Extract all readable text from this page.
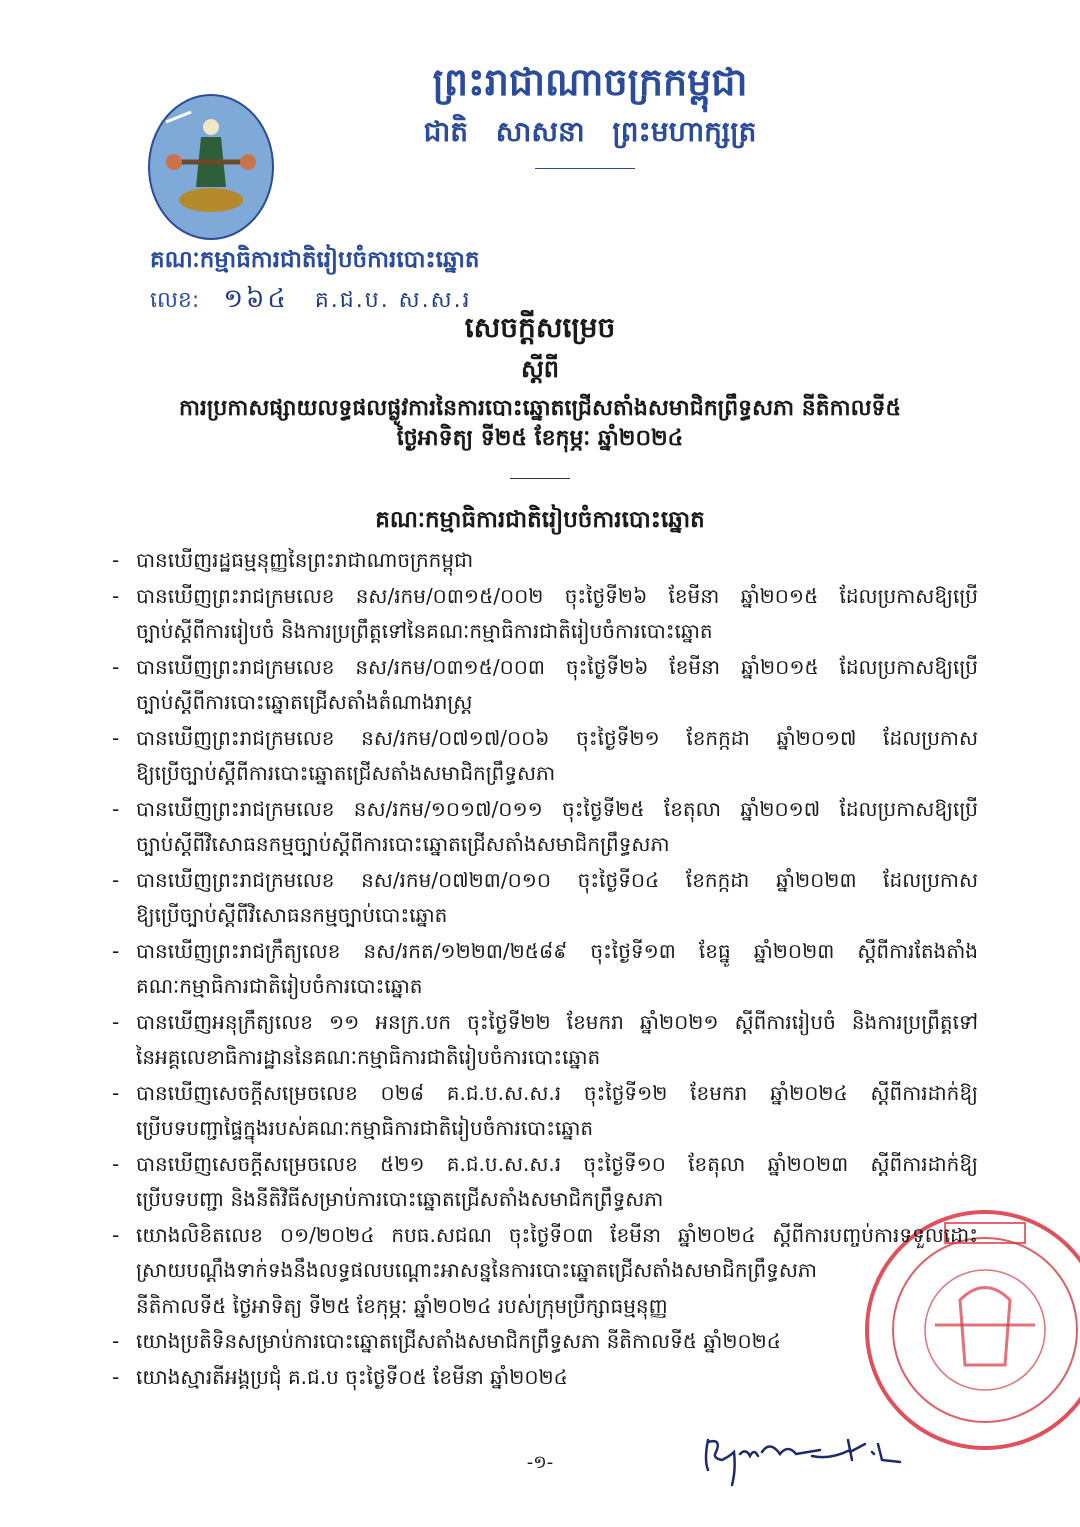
ព្រះរាជាណាចក្រកម្ពុជា
ជាតិ សាសនា ព្រះមហាក្សត្រ
គណៈកម្មាធិការជាតិរៀបចំការបោះឆ្នោត
លេខ: ១៦៤ គ.ជ.ប. ស.ស.រ
សេចក្តីសម្រេច
ស្តីពី
ការប្រកាសផ្សាយលទ្ធផលផ្លូវការនៃការបោះឆ្នោតជ្រើសតាំងសមាជិកព្រឹទ្ធសភា នីតិកាលទី៥
ថ្ងៃអាទិត្យ ទី២៥ ខែកុម្ភៈ ឆ្នាំ២០២៤
គណៈកម្មាធិការជាតិរៀបចំការបោះឆ្នោត
- បានឃើញរដ្ឋធម្មនុញ្ញនៃព្រះរាជាណាចក្រកម្ពុជា
- បានឃើញព្រះរាជក្រមលេខ នស/រកម/០៣១៥/០០២ ចុះថ្ងៃទី២៦ ខែមីនា ឆ្នាំ២០១៥ ដែលប្រកាសឱ្យប្រើ
ច្បាប់ស្តីពីការរៀបចំ និងការប្រព្រឹត្តទៅនៃគណៈកម្មាធិការជាតិរៀបចំការបោះឆ្នោត
- បានឃើញព្រះរាជក្រមលេខ នស/រកម/០៣១៥/០០៣ ចុះថ្ងៃទី២៦ ខែមីនា ឆ្នាំ២០១៥ ដែលប្រកាសឱ្យប្រើ
ច្បាប់ស្តីពីការបោះឆ្នោតជ្រើសតាំងតំណាងរាស្ត្រ
- បានឃើញព្រះរាជក្រមលេខ នស/រកម/០៧១៧/០០៦ ចុះថ្ងៃទី២១ ខែកក្កដា ឆ្នាំ២០១៧ ដែលប្រកាស
ឱ្យប្រើច្បាប់ស្តីពីការបោះឆ្នោតជ្រើសតាំងសមាជិកព្រឹទ្ធសភា
- បានឃើញព្រះរាជក្រមលេខ នស/រកម/១០១៧/០១១ ចុះថ្ងៃទី២៥ ខែតុលា ឆ្នាំ២០១៧ ដែលប្រកាសឱ្យប្រើ
ច្បាប់ស្តីពីវិសោធនកម្មច្បាប់ស្តីពីការបោះឆ្នោតជ្រើសតាំងសមាជិកព្រឹទ្ធសភា
- បានឃើញព្រះរាជក្រមលេខ នស/រកម/០៧២៣/០១០ ចុះថ្ងៃទី០៤ ខែកក្កដា ឆ្នាំ២០២៣ ដែលប្រកាស
ឱ្យប្រើច្បាប់ស្តីពីវិសោធនកម្មច្បាប់បោះឆ្នោត
- បានឃើញព្រះរាជក្រឹត្យលេខ នស/រកត/១២២៣/២៥៨៩ ចុះថ្ងៃទី១៣ ខែធ្នូ ឆ្នាំ២០២៣ ស្តីពីការតែងតាំង
គណៈកម្មាធិការជាតិរៀបចំការបោះឆ្នោត
- បានឃើញអនុក្រឹត្យលេខ ១១ អនក្រ.បក ចុះថ្ងៃទី២២ ខែមករា ឆ្នាំ២០២១ ស្តីពីការរៀបចំ និងការប្រព្រឹត្តទៅ
នៃអគ្គលេខាធិការដ្ឋាននៃគណៈកម្មាធិការជាតិរៀបចំការបោះឆ្នោត
- បានឃើញសេចក្តីសម្រេចលេខ ០២៨ គ.ជ.ប.ស.ស.រ ចុះថ្ងៃទី១២ ខែមករា ឆ្នាំ២០២៤ ស្តីពីការដាក់ឱ្យ
ប្រើបទបញ្ជាផ្ទៃក្នុងរបស់គណៈកម្មាធិការជាតិរៀបចំការបោះឆ្នោត
- បានឃើញសេចក្តីសម្រេចលេខ ៥២១ គ.ជ.ប.ស.ស.រ ចុះថ្ងៃទី១០ ខែតុលា ឆ្នាំ២០២៣ ស្តីពីការដាក់ឱ្យ
ប្រើបទបញ្ជា និងនីតិវិធីសម្រាប់ការបោះឆ្នោតជ្រើសតាំងសមាជិកព្រឹទ្ធសភា
- យោងលិខិតលេខ ០១/២០២៤ កបធ.សជណ ចុះថ្ងៃទី០៣ ខែមីនា ឆ្នាំ២០២៤ ស្តីពីការបញ្ចប់ការទទួលដោះ
ស្រាយបណ្តឹងទាក់ទងនឹងលទ្ធផលបណ្តោះអាសន្ននៃការបោះឆ្នោតជ្រើសតាំងសមាជិកព្រឹទ្ធសភា
នីតិកាលទី៥ ថ្ងៃអាទិត្យ ទី២៥ ខែកុម្ភៈ ឆ្នាំ២០២៤ របស់ក្រុមប្រឹក្សាធម្មនុញ្ញ
- យោងប្រតិទិនសម្រាប់ការបោះឆ្នោតជ្រើសតាំងសមាជិកព្រឹទ្ធសភា នីតិកាលទី៥ ឆ្នាំ២០២៤
- យោងស្មារតីអង្គប្រជុំ គ.ជ.ប ចុះថ្ងៃទី០៥ ខែមីនា ឆ្នាំ២០២៤
-១-
